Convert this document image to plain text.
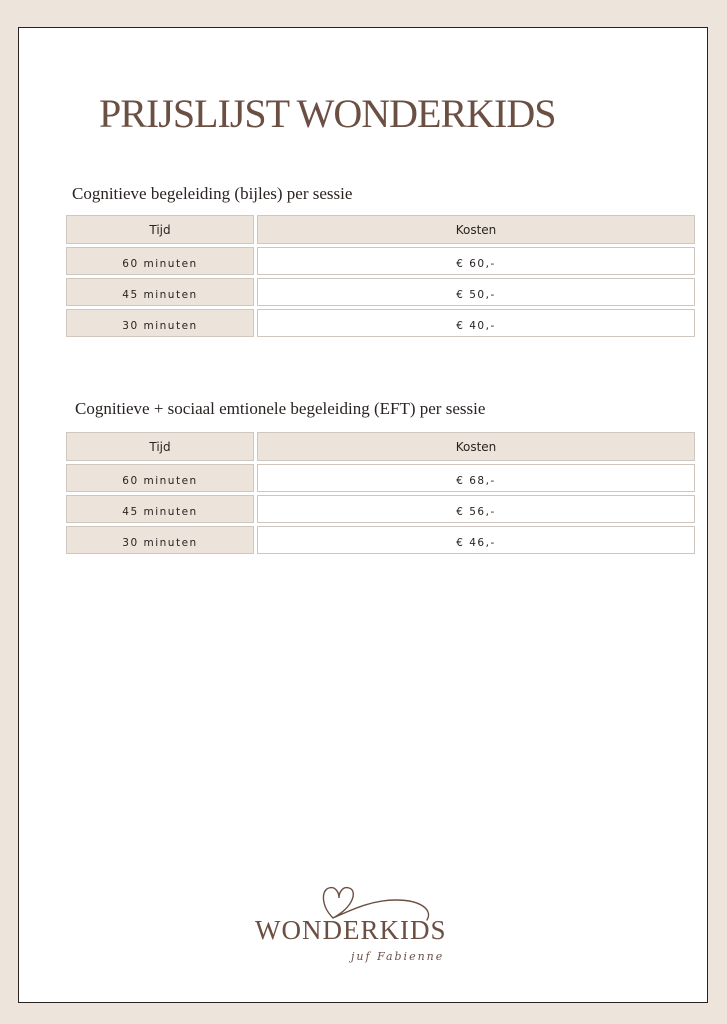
PRIJSLIJST WONDERKIDS
Cognitieve begeleiding (bijles) per sessie
Tijd	Kosten
60 minuten	€ 60,-
45 minuten	€ 50,-
30 minuten	€ 40,-
Cognitieve + sociaal emtionele begeleiding (EFT) per sessie
Tijd	Kosten
60 minuten	€ 68,-
45 minuten	€ 56,-
30 minuten	€ 46,-
WONDERKIDS
juf Fabienne
